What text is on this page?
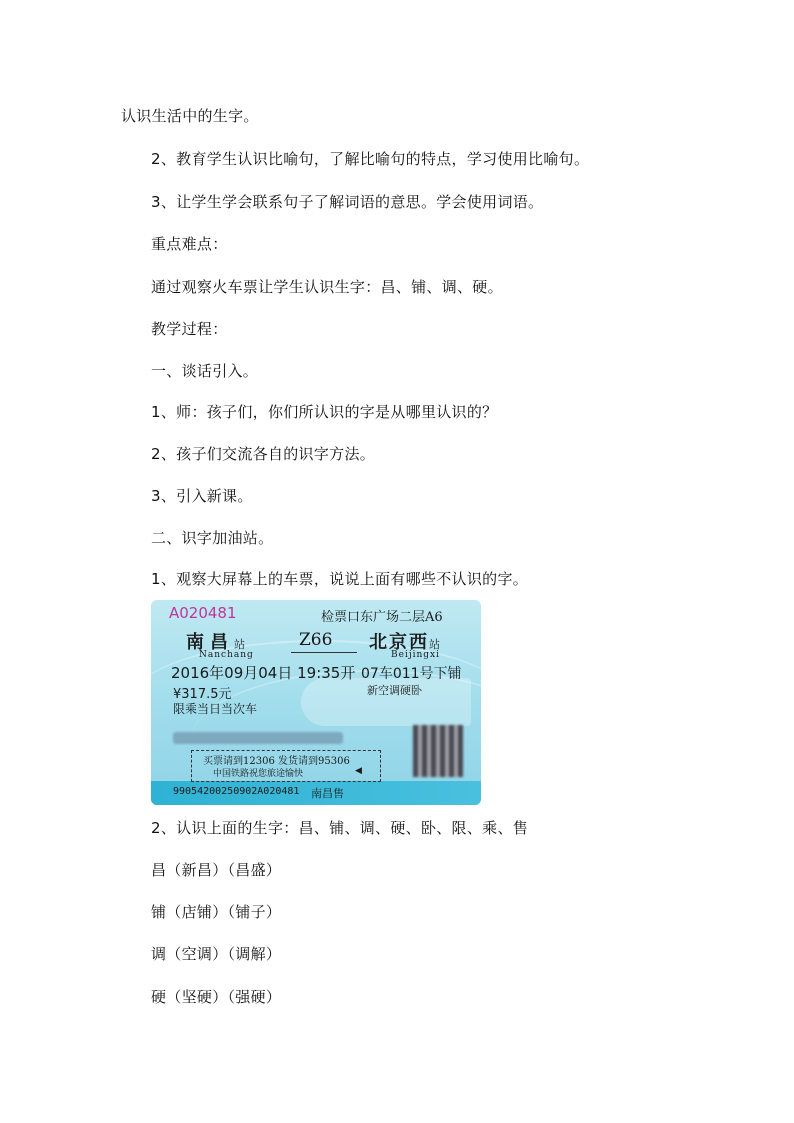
认识生活中的生字。
2、教育学生认识比喻句，了解比喻句的特点，学习使用比喻句。
3、让学生学会联系句子了解词语的意思。学会使用词语。
重点难点：
通过观察火车票让学生认识生字：昌、铺、调、硬。
教学过程：
一、谈话引入。
1、师：孩子们，你们所认识的字是从哪里认识的？
2、孩子们交流各自的识字方法。
3、引入新课。
二、识字加油站。
1、观察大屏幕上的车票，说说上面有哪些不认识的字。
A020481	检票口东广场二层A6
南昌站	Z66 北京西站
Nanchang	Beijingxi
2016年09月04日 19:35开 07车011号下铺
¥317.5元	新空调硬卧
限乘当日当次车
买票请到12306 发货请到95306
中国铁路祝您旅途愉快	◀
99054200250902A020481 南昌售
2、认识上面的生字：昌、铺、调、硬、卧、限、乘、售
昌（新昌）（昌盛）
铺（店铺）（铺子）
调（空调）（调解）
硬（坚硬）（强硬）
